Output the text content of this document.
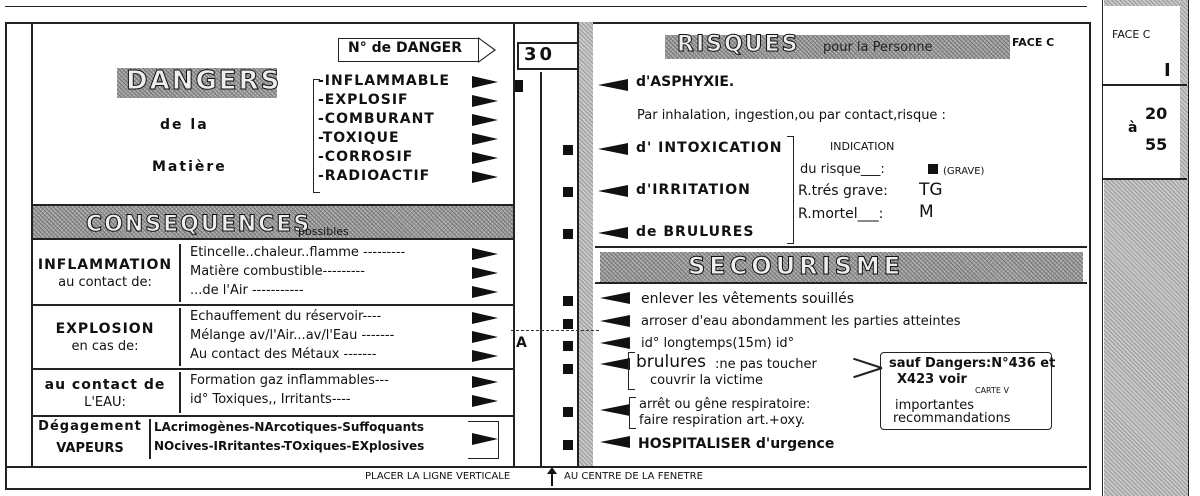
N° de DANGER	30
DANGERS
de la
Matière
-INFLAMMABLE
-EXPLOSIF
-COMBURANT
-TOXIQUE
-CORROSIF
-RADIOACTIF
CONSEQUENCES
possibles
INFLAMMATION
au contact de:
Etincelle..chaleur..flamme ---------
Matière combustible---------
...de l'Air -----------
EXPLOSION
en cas de:
Echauffement du réservoir----
Mélange av/l'Air...av/l'Eau -------
Au contact des Métaux -------
au contact de
L'EAU:
Formation gaz inflammables---
id° Toxiques,, Irritants----
Dégagement
VAPEURS
LAcrimogènes-NArcotiques-Suffoquants
NOcives-IRritantes-TOxiques-EXplosives
RISQUES pour la Personne	FACE C
d'ASPHYXIE.
Par inhalation, ingestion,ou par contact,risque :
d' INTOXICATION
d'IRRITATION
de BRULURES
INDICATION
du risque___:	(GRAVE)
R.trés grave: TG
R.mortel___: M
SECOURISME
enlever les vêtements souillés
arroser d'eau abondamment les parties atteintes
id° longtemps(15m) id°
brulures :ne pas toucher
couvrir la victime
sauf Dangers:N°436 et
X423 voir
CARTE V
importantes
recommandations
arrêt ou gêne respiratoire:
faire respiration art.+oxy.
HOSPITALISER d'urgence
A
PLACER LA LIGNE VERTICALE	AU CENTRE DE LA FENETRE
FACE C
I
à
20
55
